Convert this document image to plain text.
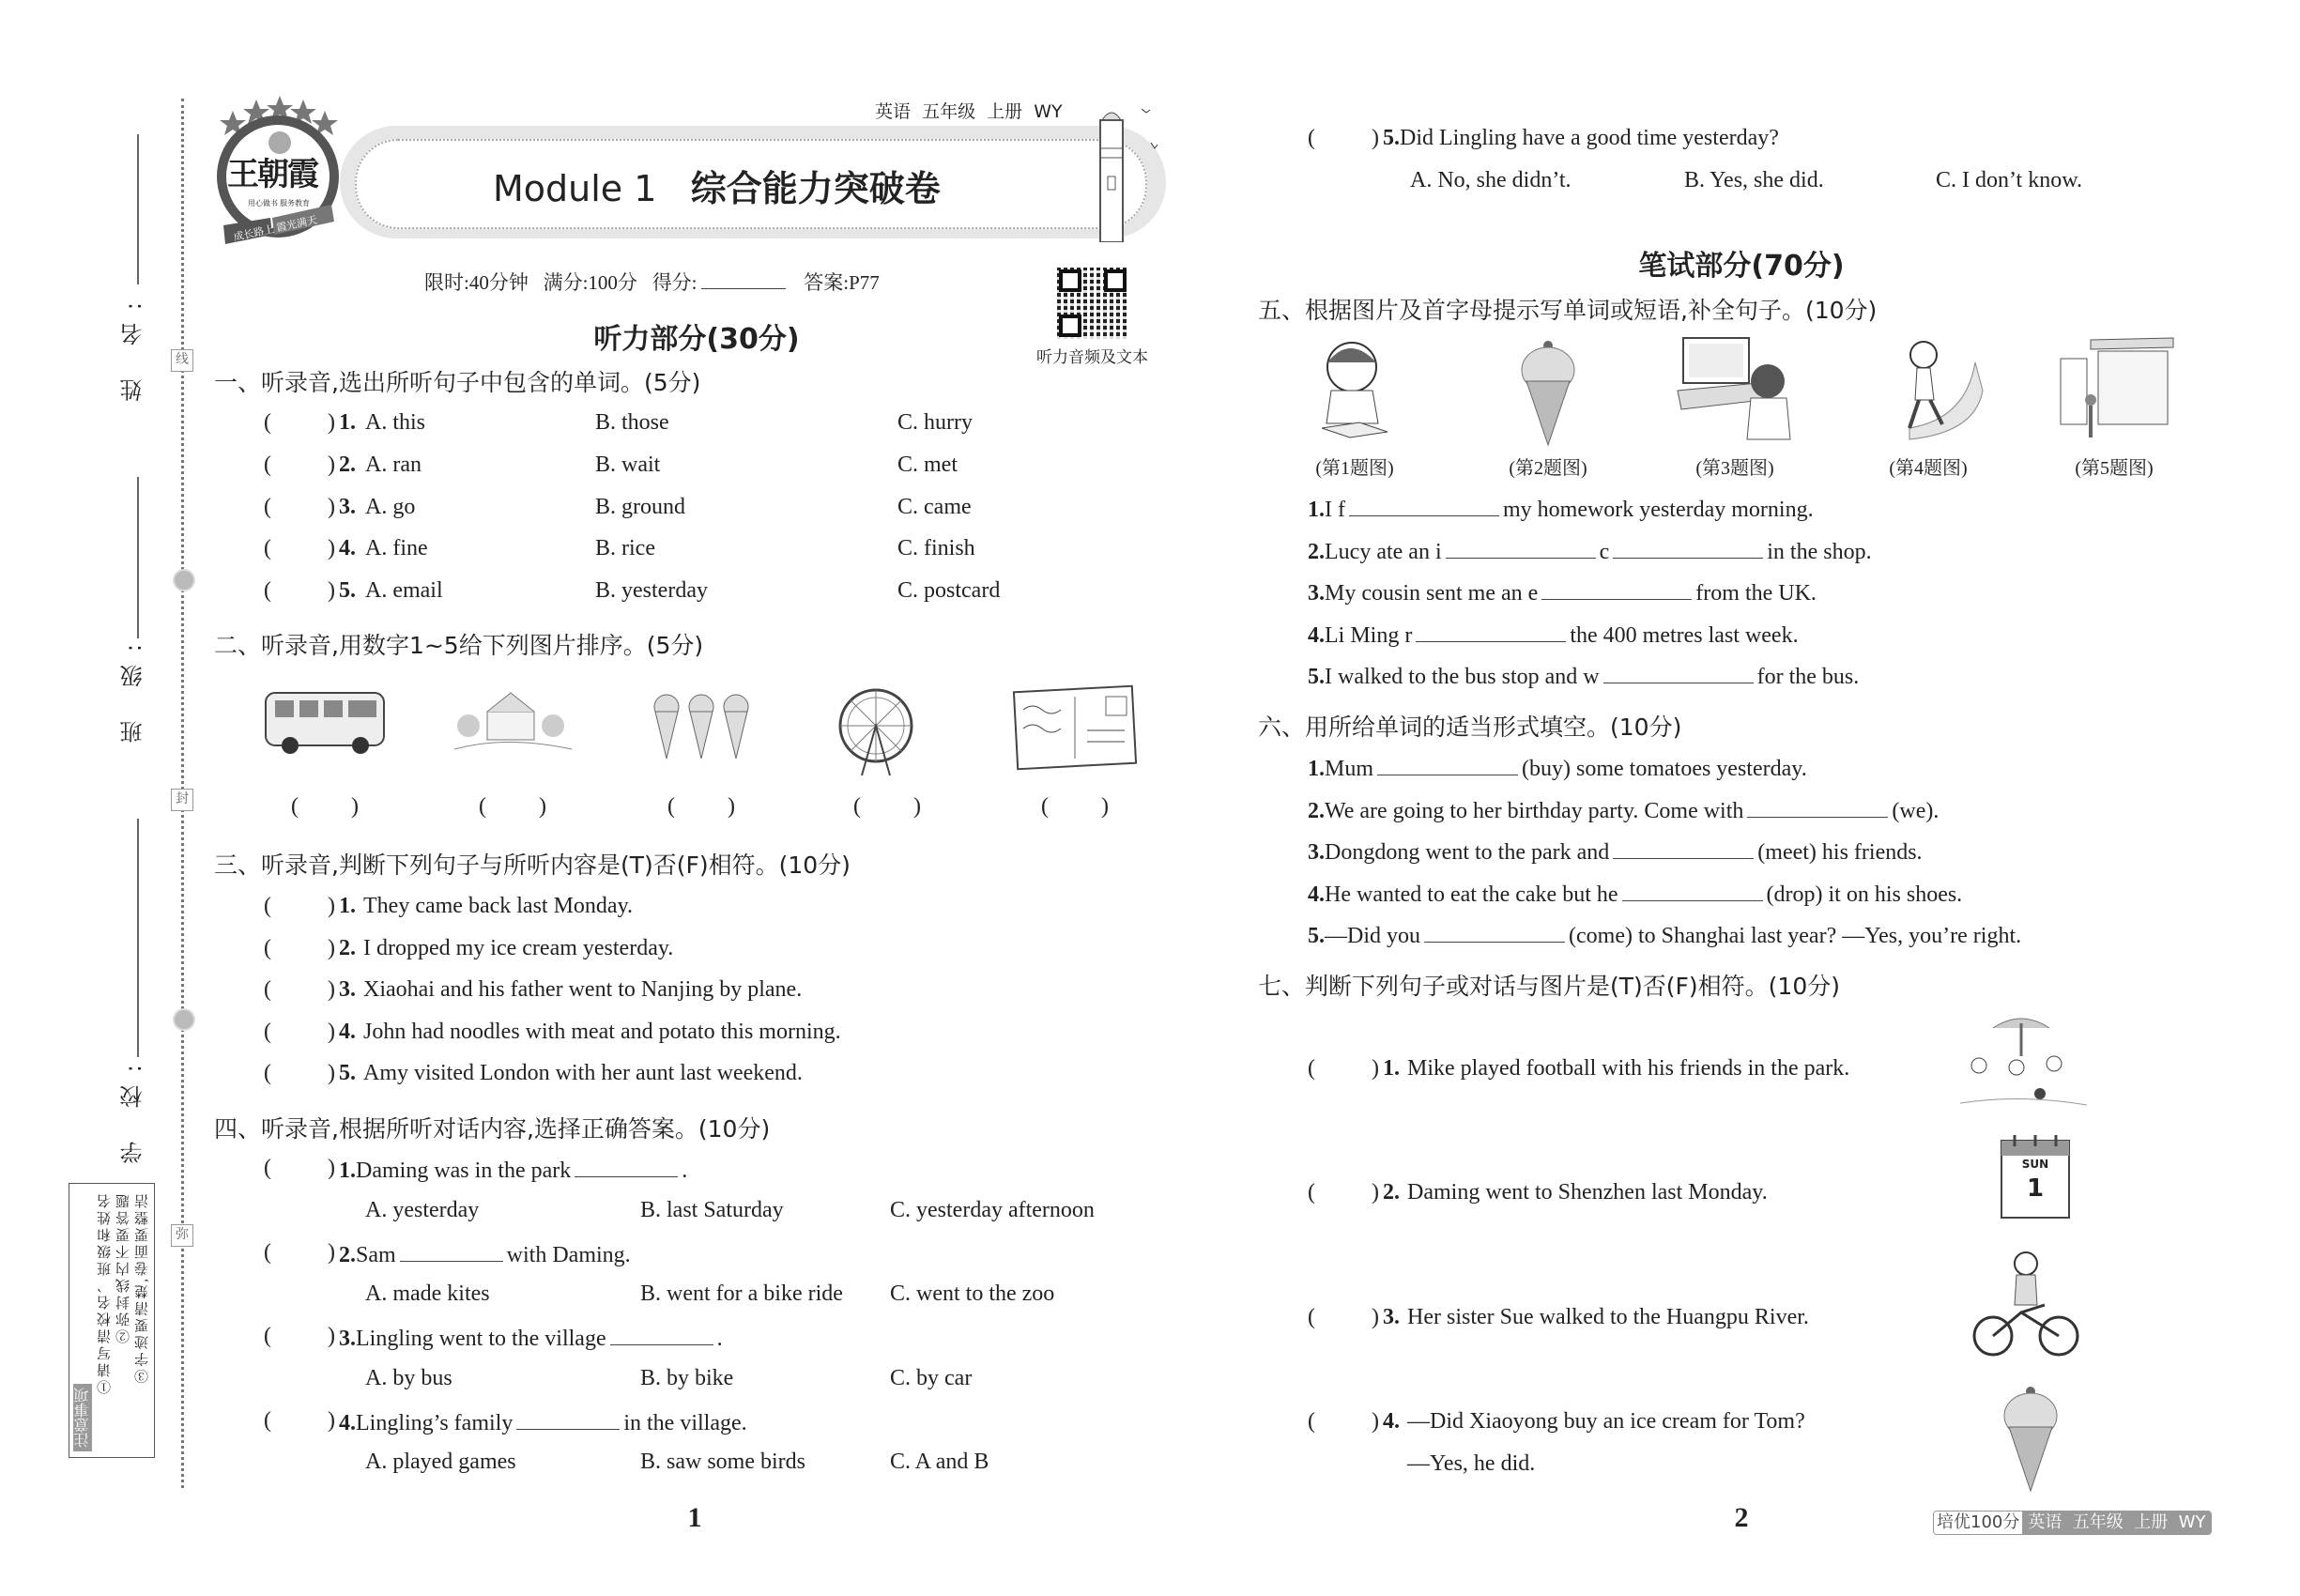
姓 名:
班 级:
学 校:
线
封
弥
③字迹要清楚,卷面要整洁
②弥封线内不要答题
①请写清校名、班级和姓名
注意事项
王朝霞
用心做书 服务教育
成长路上 霞光满天
Module 1 综合能力突破卷
英语  五年级  上册  WY
限时:40分钟 满分:100分 得分:	答案:P77
听力音频及文本
听力部分(30分)
笔试部分(70分)
一、听录音,选出所听句子中包含的单词。(5分)
(	) 1. A. this	B. those	C. hurry
(	) 2. A. ran	B. wait	C. met
(	) 3. A. go	B. ground	C. came
(	) 4. A. fine	B. rice	C. finish
(	) 5. A. email	B. yesterday	C. postcard
二、听录音,用数字1~5给下列图片排序。(5分)
( )	( )	( )	( )	( )
三、听录音,判断下列句子与所听内容是(T)否(F)相符。(10分)
(	) 1. They came back last Monday.
(	) 2. I dropped my ice cream yesterday.
(	) 3. Xiaohai and his father went to Nanjing by plane.
(	) 4. John had noodles with meat and potato this morning.
(	) 5. Amy visited London with her aunt last weekend.
四、听录音,根据所听对话内容,选择正确答案。(10分)
(	) 1.Daming was in the park	.
A. yesterday	B. last Saturday	C. yesterday afternoon
(	) 2.Sam	with Daming.
A. made kites	B. went for a bike ride C. went to the zoo
(	) 3.Lingling went to the village	.
A. by bus	B. by bike	C. by car
(	) 4.Lingling’s family	in the village.
A. played games	B. saw some birds	C. A and B
(	) 5.Did Lingling have a good time yesterday?
A. No, she didn’t.	B. Yes, she did.	C. I don’t know.
五、根据图片及首字母提示写单词或短语,补全句子。(10分)
(第1题图)	(第2题图)	(第3题图)	(第4题图)	(第5题图)
1.I f	my homework yesterday morning.
2.Lucy ate an i	c	in the shop.
3.My cousin sent me an e	from the UK.
4.Li Ming r	the 400 metres last week.
5.I walked to the bus stop and w	for the bus.
六、用所给单词的适当形式填空。(10分)
1.Mum	(buy) some tomatoes yesterday.
2.We are going to her birthday party. Come with	(we).
3.Dongdong went to the park and	(meet) his friends.
4.He wanted to eat the cake but he	(drop) it on his shoes.
5.—Did you	(come) to Shanghai last year? —Yes, you’re right.
七、判断下列句子或对话与图片是(T)否(F)相符。(10分)
(	) 1. Mike played football with his friends in the park.
(	) 2. Daming went to Shenzhen last Monday.
SUN
1
(	) 3. Her sister Sue walked to the Huangpu River.
(	) 4. —Did Xiaoyong buy an ice cream for Tom?
—Yes, he did.
1	2	培优100分 英语  五年级  上册  WY
